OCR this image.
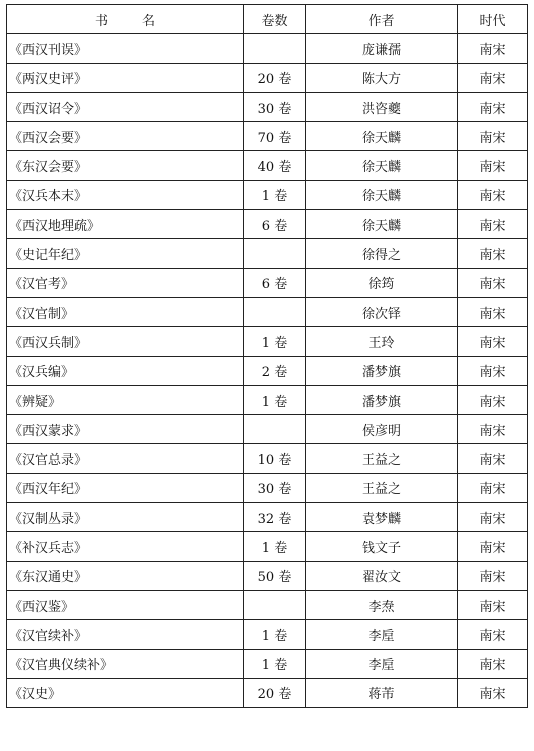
书名	卷数	作者	时代
《西汉刊误》		庞谦孺	南宋
《两汉史评》	20 卷	陈大方	南宋
《西汉诏令》	30 卷	洪咨夔	南宋
《西汉会要》	70 卷	徐天麟	南宋
《东汉会要》	40 卷	徐天麟	南宋
《汉兵本末》	1 卷	徐天麟	南宋
《西汉地理疏》	6 卷	徐天麟	南宋
《史记年纪》		徐得之	南宋
《汉官考》	6 卷	徐筠	南宋
《汉官制》		徐次铎	南宋
《西汉兵制》	1 卷	王玲	南宋
《汉兵编》	2 卷	潘梦旗	南宋
《辨疑》	1 卷	潘梦旗	南宋
《西汉蒙求》		侯彦明	南宋
《汉官总录》	10 卷	王益之	南宋
《西汉年纪》	30 卷	王益之	南宋
《汉制丛录》	32 卷	袁梦麟	南宋
《补汉兵志》	1 卷	钱文子	南宋
《东汉通史》	50 卷	翟汝文	南宋
《西汉鉴》		李焘	南宋
《汉官续补》	1 卷	李垕	南宋
《汉官典仪续补》	1 卷	李垕	南宋
《汉史》	20 卷	蒋芾	南宋
